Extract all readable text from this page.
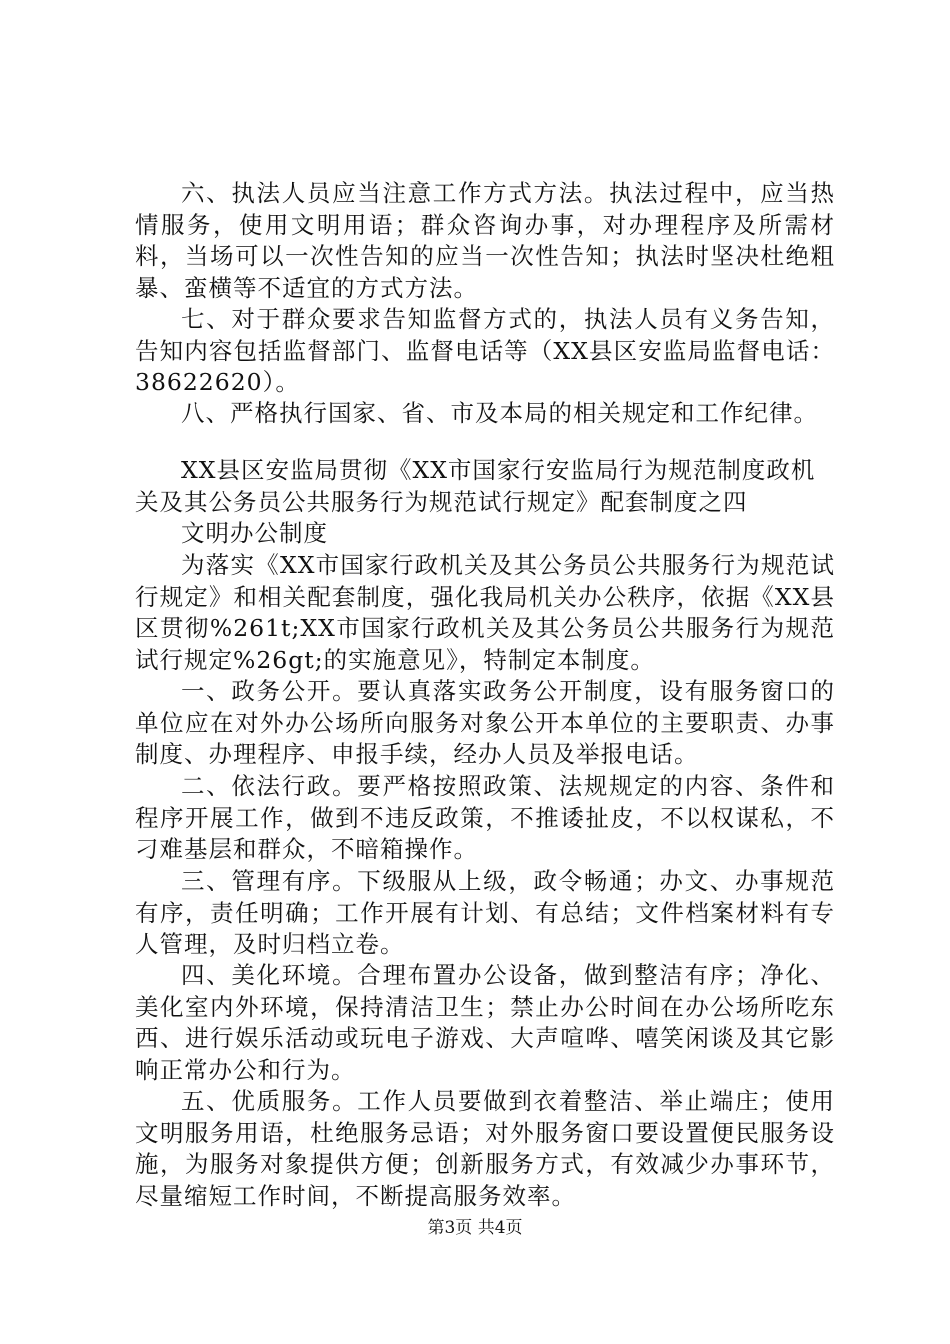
六、执法人员应当注意工作方式方法。执法过程中，应当热情服务，使用文明用语；群众咨询办事，对办理程序及所需材料，当场可以一次性告知的应当一次性告知；执法时坚决杜绝粗暴、蛮横等不适宜的方式方法。

七、对于群众要求告知监督方式的，执法人员有义务告知，告知内容包括监督部门、监督电话等（XX县区安监局监督电话：38622620）。

八、严格执行国家、省、市及本局的相关规定和工作纪律。

XX县区安监局贯彻《XX市国家行安监局行为规范制度政机关及其公务员公共服务行为规范试行规定》配套制度之四

文明办公制度

为落实《XX市国家行政机关及其公务员公共服务行为规范试行规定》和相关配套制度，强化我局机关办公秩序，依据《XX县区贯彻%261t;XX市国家行政机关及其公务员公共服务行为规范试行规定%26gt;的实施意见》，特制定本制度。

一、政务公开。要认真落实政务公开制度，设有服务窗口的单位应在对外办公场所向服务对象公开本单位的主要职责、办事制度、办理程序、申报手续，经办人员及举报电话。

二、依法行政。要严格按照政策、法规规定的内容、条件和程序开展工作，做到不违反政策，不推诿扯皮，不以权谋私，不刁难基层和群众，不暗箱操作。

三、管理有序。下级服从上级，政令畅通；办文、办事规范有序，责任明确；工作开展有计划、有总结；文件档案材料有专人管理，及时归档立卷。

四、美化环境。合理布置办公设备，做到整洁有序；净化、美化室内外环境，保持清洁卫生；禁止办公时间在办公场所吃东西、进行娱乐活动或玩电子游戏、大声喧哗、嘻笑闲谈及其它影响正常办公和行为。

五、优质服务。工作人员要做到衣着整洁、举止端庄；使用文明服务用语，杜绝服务忌语；对外服务窗口要设置便民服务设施，为服务对象提供方便；创新服务方式，有效减少办事环节，尽量缩短工作时间，不断提高服务效率。

第3页 共4页
